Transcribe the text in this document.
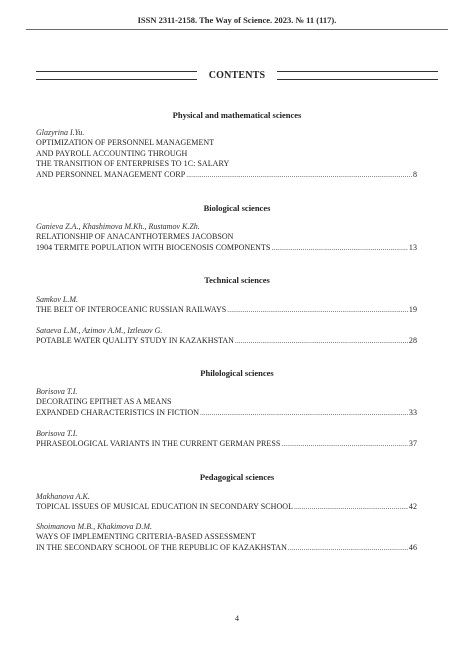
ISSN 2311-2158. The Way of Science. 2023. № 11 (117).
CONTENTS
Physical and mathematical sciences
Glazyrina I.Yu.
OPTIMIZATION OF PERSONNEL MANAGEMENT
AND PAYROLL ACCOUNTING THROUGH
THE TRANSITION OF ENTERPRISES TO 1C: SALARY
AND PERSONNEL MANAGEMENT CORP .....	8
Biological sciences
Ganieva Z.A., Khashimova M.Kh., Rustamov K.Zh.
RELATIONSHIP OF ANACANTHOTERMES JACOBSON
1904 TERMITE POPULATION WITH BIOCENOSIS COMPONENTS .....	13
Technical sciences
Samkov L.M.
THE BELT OF INTEROCEANIC RUSSIAN RAILWAYS .....	19
Sataeva L.M., Azimov A.M., Iztleuov G.
POTABLE WATER QUALITY STUDY IN KAZAKHSTAN .....	28
Philological sciences
Borisova T.I.
DECORATING EPITHET AS A MEANS
EXPANDED CHARACTERISTICS IN FICTION .....	33
Borisova T.I.
PHRASEOLOGICAL VARIANTS IN THE CURRENT GERMAN PRESS .....	37
Pedagogical sciences
Makhanova A.K.
TOPICAL ISSUES OF MUSICAL EDUCATION IN SECONDARY SCHOOL .....	42
Shoimanova M.B., Khakimova D.M.
WAYS OF IMPLEMENTING CRITERIA-BASED ASSESSMENT
IN THE SECONDARY SCHOOL OF THE REPUBLIC OF KAZAKHSTAN .....	46
4
